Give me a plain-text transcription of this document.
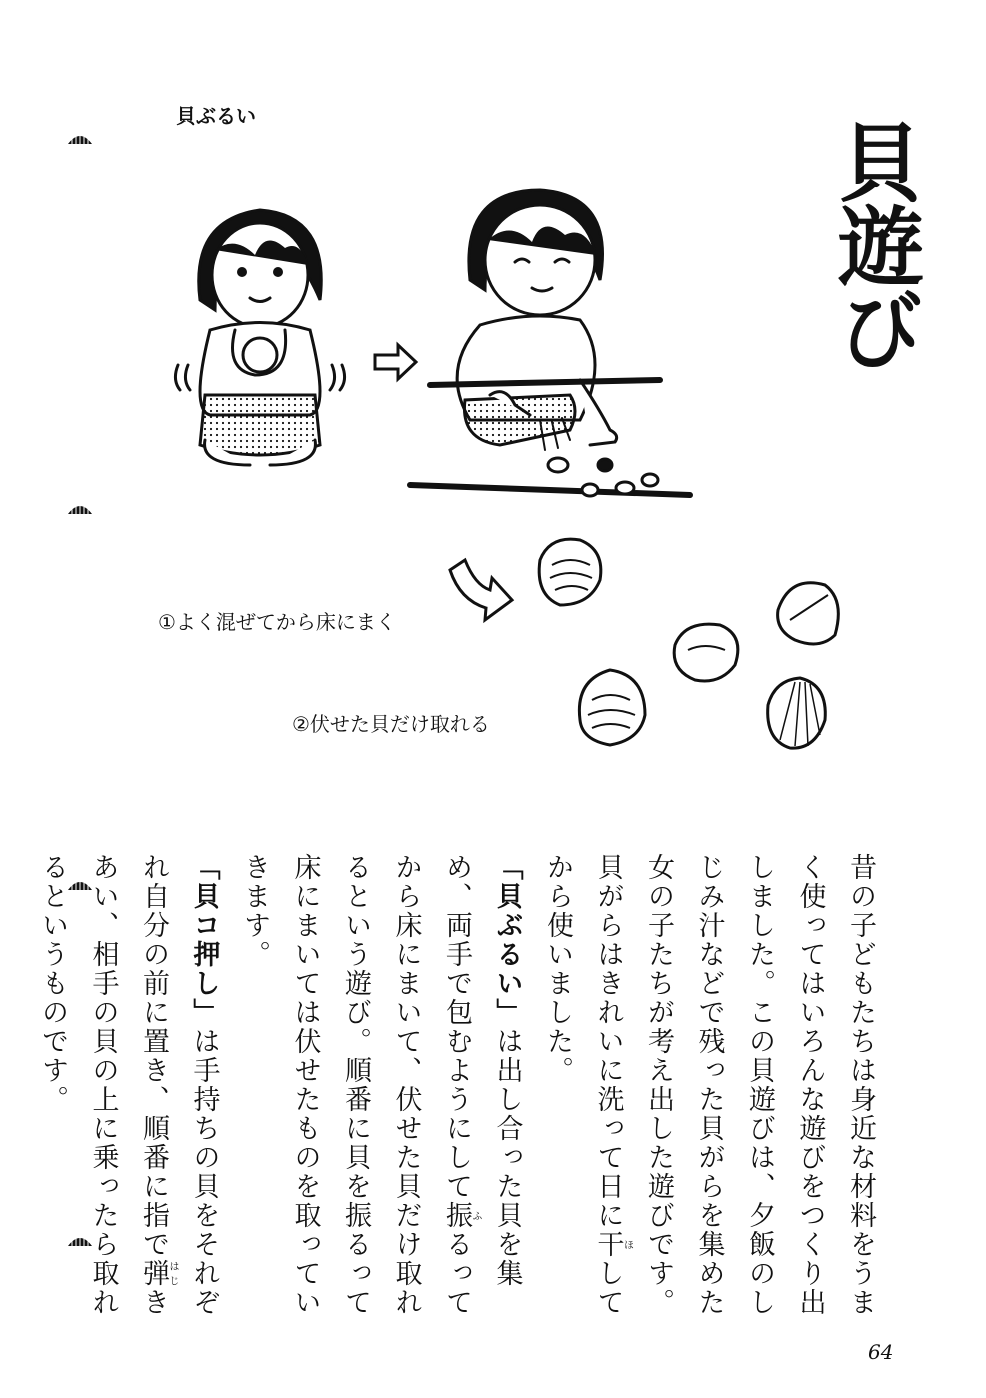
貝遊び
貝ぶるい
①よく混ぜてから床にまく
②伏せた貝だけ取れる

昔の子どもたちは身近な材料をうまく使ってはいろんな遊びをつくり出しました。この貝遊びは、夕飯のしじみ汁などで残った貝がらを集めた女の子たちが考え出した遊びです。貝がらはきれいに洗って日に干ほしてから使いました。

「貝ぶるい」は出し合った貝を集め、両手で包むようにして振ふるってから床にまいて、伏せた貝だけ取れるという遊び。順番に貝を振るって床にまいては伏せたものを取っていきます。

「貝コ押し」は手持ちの貝をそれぞれ自分の前に置き、順番に指で弾はじきあい、相手の貝の上に乗ったら取れるというものです。

64
